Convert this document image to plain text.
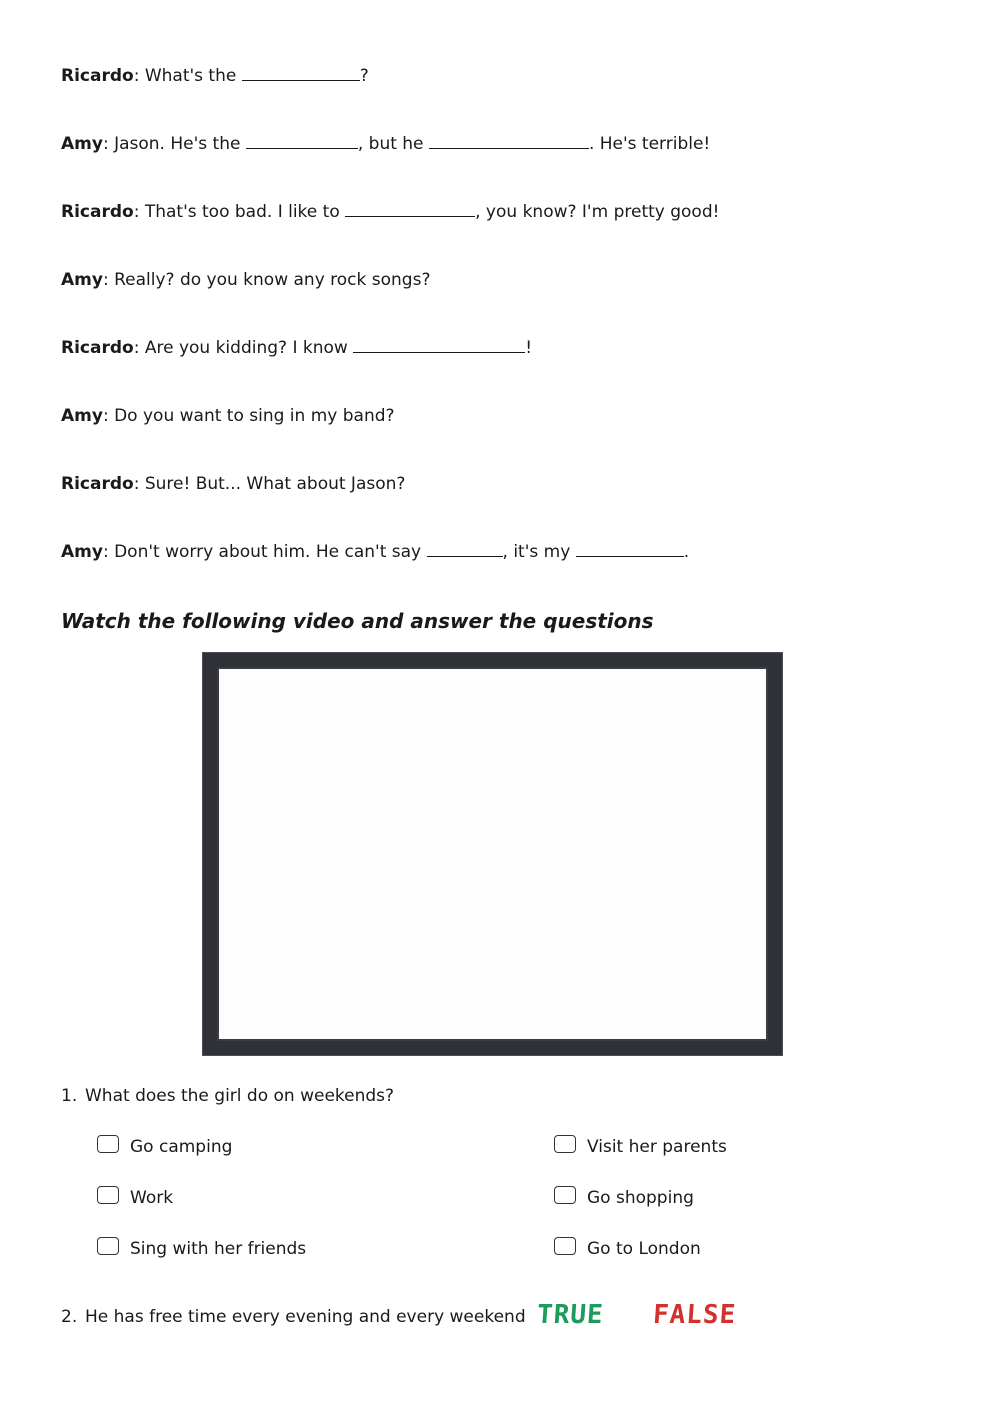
Ricardo: What's the	?
Amy: Jason. He's the	, but he	. He's terrible!
Ricardo: That's too bad. I like to	, you know? I'm pretty good!
Amy: Really? do you know any rock songs?
Ricardo: Are you kidding? I know	!
Amy: Do you want to sing in my band?
Ricardo: Sure! But... What about Jason?
Amy: Don't worry about him. He can't say	, it's my	.
Watch the following video and answer the questions
1. What does the girl do on weekends?
Go camping
Work
Sing with her friends
Visit her parents
Go shopping
Go to London
2. He has free time every evening and every weekend TRUE FALSE
